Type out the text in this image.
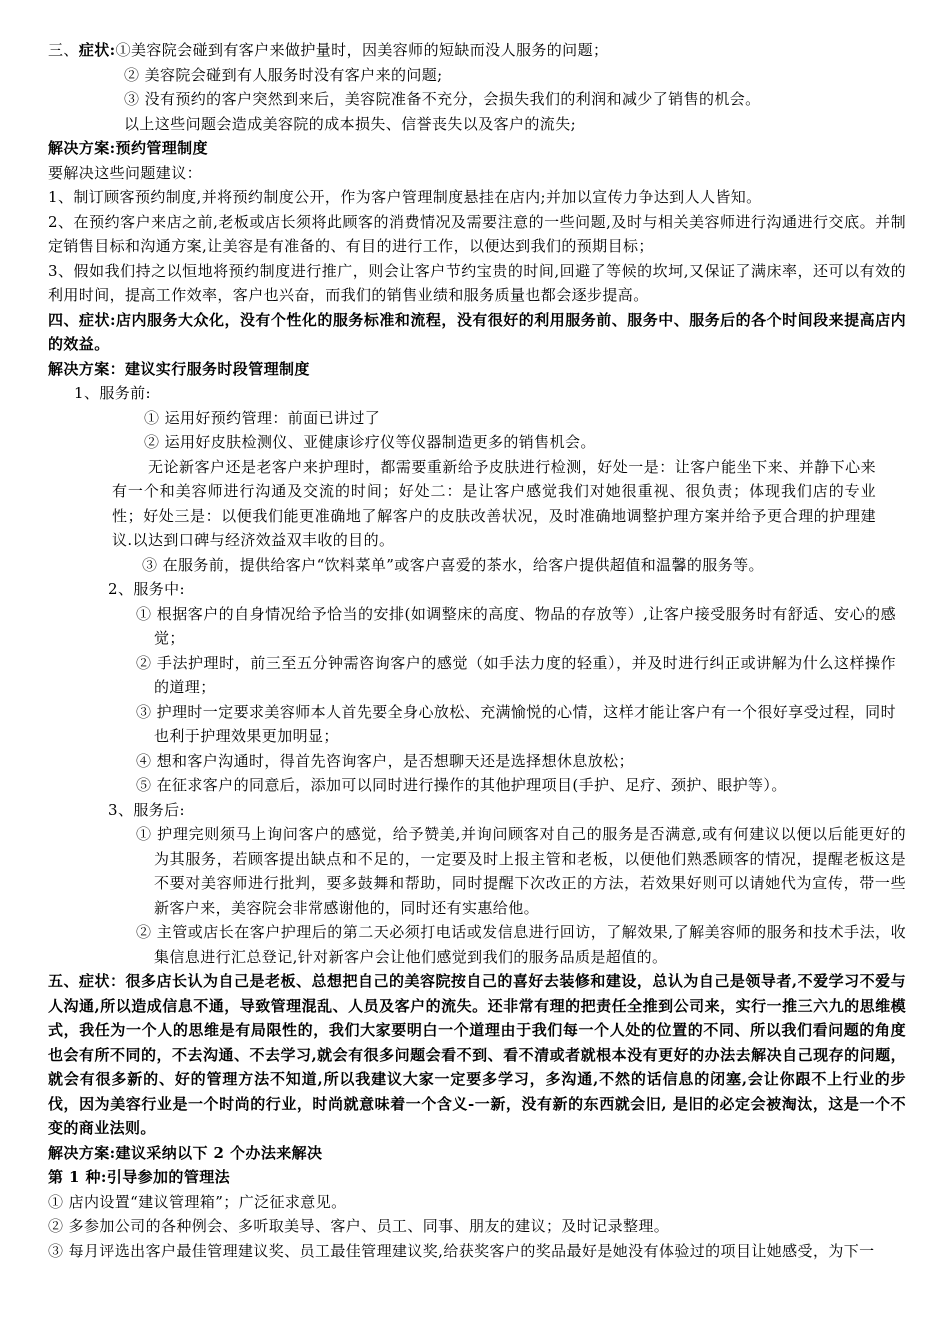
三、症状:①美容院会碰到有客户来做护量时，因美容师的短缺而没人服务的问题；
② 美容院会碰到有人服务时没有客户来的问题;
③ 没有预约的客户突然到来后，美容院准备不充分，会损失我们的利润和减少了销售的机会。
以上这些问题会造成美容院的成本损失、信誉丧失以及客户的流失;
解决方案:预约管理制度
要解决这些问题建议：
1、制订顾客预约制度,并将预约制度公开，作为客户管理制度悬挂在店内;并加以宣传力争达到人人皆知。
2、在预约客户来店之前,老板或店长须将此顾客的消费情况及需要注意的一些问题,及时与相关美容师进行沟通进行交底。并制定销售目标和沟通方案,让美容是有准备的、有目的进行工作，以便达到我们的预期目标；
3、假如我们持之以恒地将预约制度进行推广，则会让客户节约宝贵的时间,回避了等候的坎坷,又保证了满床率，还可以有效的利用时间，提高工作效率，客户也兴奋，而我们的销售业绩和服务质量也都会逐步提高。
四、症状:店内服务大众化，没有个性化的服务标准和流程，没有很好的利用服务前、服务中、服务后的各个时间段来提高店内的效益。
解决方案：建议实行服务时段管理制度
1、服务前:
① 运用好预约管理：前面已讲过了
② 运用好皮肤检测仪、亚健康诊疗仪等仪器制造更多的销售机会。
无论新客户还是老客户来护理时，都需要重新给予皮肤进行检测，好处一是：让客户能坐下来、并静下心来有一个和美容师进行沟通及交流的时间；好处二：是让客户感觉我们对她很重视、很负责；体现我们店的专业性；好处三是：以便我们能更准确地了解客户的皮肤改善状况，及时准确地调整护理方案并给予更合理的护理建议.以达到口碑与经济效益双丰收的目的。
③ 在服务前，提供给客户“饮料菜单”或客户喜爱的茶水，给客户提供超值和温馨的服务等。
2、服务中:
① 根据客户的自身情况给予恰当的安排(如调整床的高度、物品的存放等）,让客户接受服务时有舒适、安心的感觉；
② 手法护理时，前三至五分钟需咨询客户的感觉（如手法力度的轻重），并及时进行纠正或讲解为什么这样操作的道理；
③ 护理时一定要求美容师本人首先要全身心放松、充满愉悦的心情，这样才能让客户有一个很好享受过程，同时也利于护理效果更加明显；
④ 想和客户沟通时，得首先咨询客户，是否想聊天还是选择想休息放松；
⑤ 在征求客户的同意后，添加可以同时进行操作的其他护理项目(手护、足疗、颈护、眼护等）。
3、服务后:
① 护理完则须马上询问客户的感觉，给予赞美,并询问顾客对自己的服务是否满意,或有何建议以便以后能更好的为其服务，若顾客提出缺点和不足的，一定要及时上报主管和老板，以便他们熟悉顾客的情况，提醒老板这是不要对美容师进行批判，要多鼓舞和帮助，同时提醒下次改正的方法，若效果好则可以请她代为宣传，带一些新客户来，美容院会非常感谢他的，同时还有实惠给他。
② 主管或店长在客户护理后的第二天必须打电话或发信息进行回访，了解效果,了解美容师的服务和技术手法，收集信息进行汇总登记,针对新客户会让他们感觉到我们的服务品质是超值的。
五、症状：很多店长认为自己是老板、总想把自己的美容院按自己的喜好去装修和建设，总认为自己是领导者,不爱学习不爱与人沟通,所以造成信息不通，导致管理混乱、人员及客户的流失。还非常有理的把责任全推到公司来，实行一推三六九的思维模式，我任为一个人的思维是有局限性的，我们大家要明白一个道理由于我们每一个人处的位置的不同、所以我们看问题的角度也会有所不同的，不去沟通、不去学习,就会有很多问题会看不到、看不清或者就根本没有更好的办法去解决自己现存的问题，就会有很多新的、好的管理方法不知道,所以我建议大家一定要多学习，多沟通,不然的话信息的闭塞,会让你跟不上行业的步伐，因为美容行业是一个时尚的行业，时尚就意味着一个含义-一新，没有新的东西就会旧, 是旧的必定会被淘汰，这是一个不变的商业法则。
解决方案:建议采纳以下 2 个办法来解决
第 1 种:引导参加的管理法
① 店内设置“建议管理箱”；广泛征求意见。
② 多参加公司的各种例会、多听取美导、客户、员工、同事、朋友的建议；及时记录整理。
③ 每月评选出客户最佳管理建议奖、员工最佳管理建议奖,给获奖客户的奖品最好是她没有体验过的项目让她感受，为下一
